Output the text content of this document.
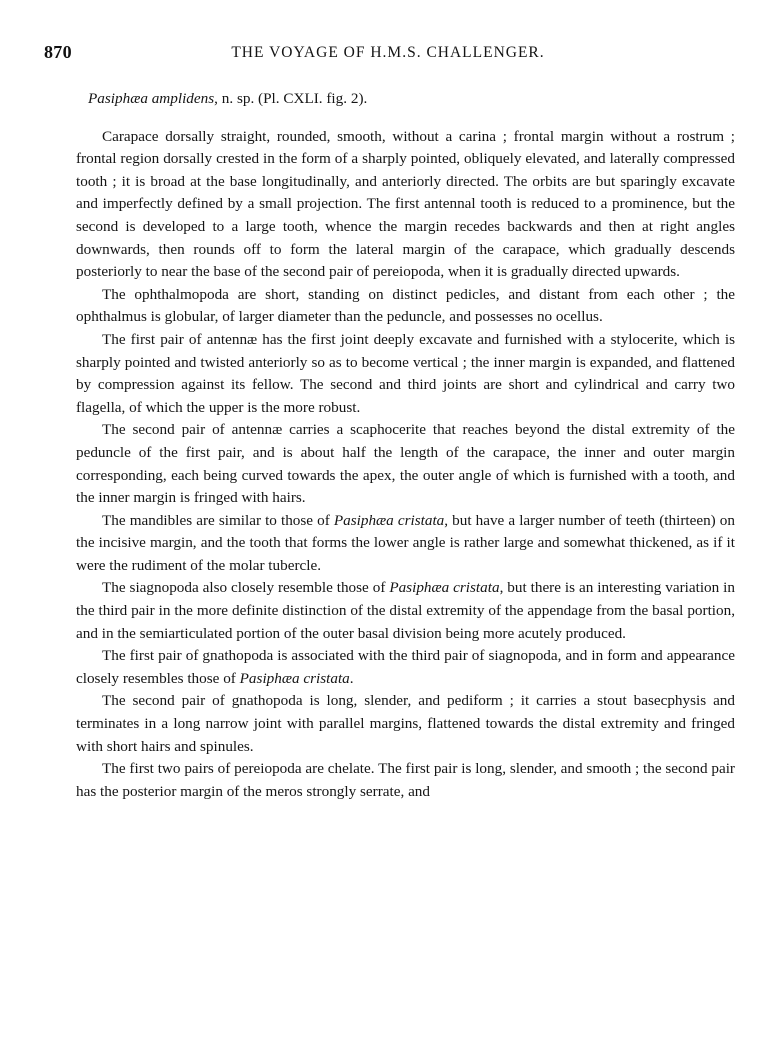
870	THE VOYAGE OF H.M.S. CHALLENGER.

Pasiphæa amplidens, n. sp. (Pl. CXLI. fig. 2).

Carapace dorsally straight, rounded, smooth, without a carina ; frontal margin without a rostrum ; frontal region dorsally crested in the form of a sharply pointed, obliquely elevated, and laterally compressed tooth ; it is broad at the base longitudinally, and anteriorly directed. The orbits are but sparingly excavate and imperfectly defined by a small projection. The first antennal tooth is reduced to a prominence, but the second is developed to a large tooth, whence the margin recedes backwards and then at right angles downwards, then rounds off to form the lateral margin of the carapace, which gradually descends posteriorly to near the base of the second pair of pereiopoda, when it is gradually directed upwards.

The ophthalmopoda are short, standing on distinct pedicles, and distant from each other ; the ophthalmus is globular, of larger diameter than the peduncle, and possesses no ocellus.

The first pair of antennæ has the first joint deeply excavate and furnished with a stylocerite, which is sharply pointed and twisted anteriorly so as to become vertical ; the inner margin is expanded, and flattened by compression against its fellow. The second and third joints are short and cylindrical and carry two flagella, of which the upper is the more robust.

The second pair of antennæ carries a scaphocerite that reaches beyond the distal extremity of the peduncle of the first pair, and is about half the length of the carapace, the inner and outer margin corresponding, each being curved towards the apex, the outer angle of which is furnished with a tooth, and the inner margin is fringed with hairs.

The mandibles are similar to those of Pasiphæa cristata, but have a larger number of teeth (thirteen) on the incisive margin, and the tooth that forms the lower angle is rather large and somewhat thickened, as if it were the rudiment of the molar tubercle.

The siagnopoda also closely resemble those of Pasiphæa cristata, but there is an interesting variation in the third pair in the more definite distinction of the distal extremity of the appendage from the basal portion, and in the semiarticulated portion of the outer basal division being more acutely produced.

The first pair of gnathopoda is associated with the third pair of siagnopoda, and in form and appearance closely resembles those of Pasiphæa cristata.

The second pair of gnathopoda is long, slender, and pediform ; it carries a stout basecphysis and terminates in a long narrow joint with parallel margins, flattened towards the distal extremity and fringed with short hairs and spinules.

The first two pairs of pereiopoda are chelate. The first pair is long, slender, and smooth ; the second pair has the posterior margin of the meros strongly serrate, and
